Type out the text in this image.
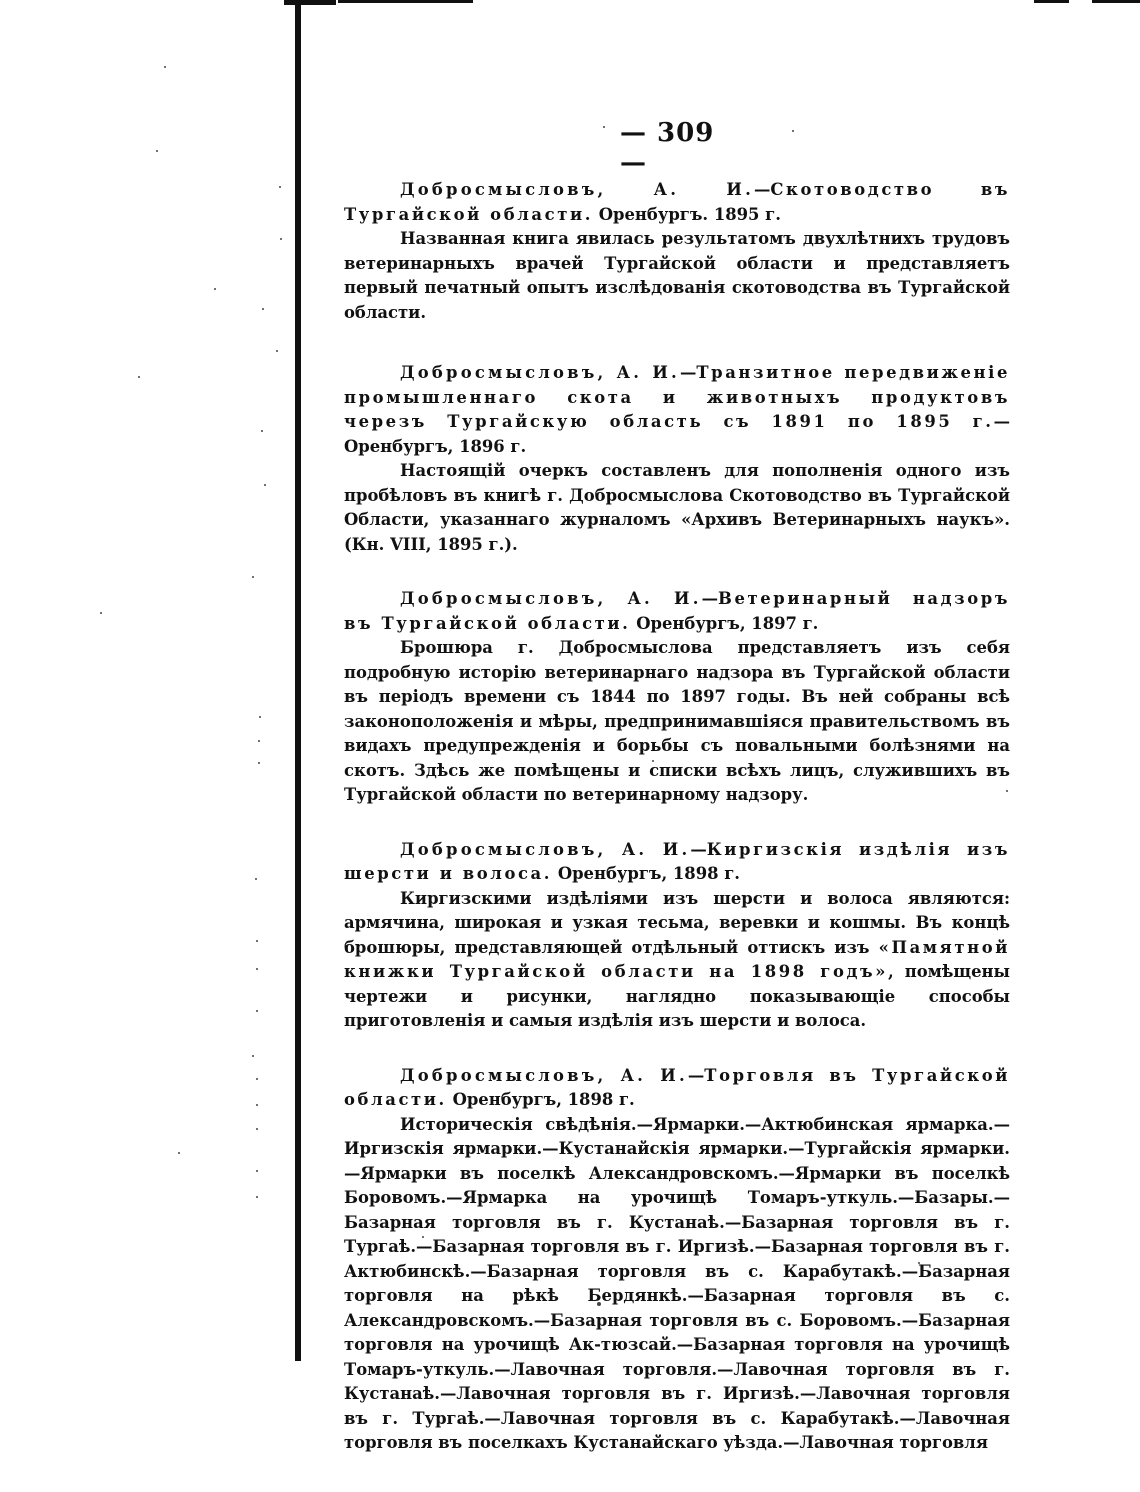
— 309 —

Добросмысловъ, А. И.—Скотоводство въ Тургайской области. Оренбургъ. 1895 г.

Названная книга явилась результатомъ двухлѣтнихъ трудовъ ветеринарныхъ врачей Тургайской области и представляетъ первый печатный опытъ изслѣдованія скотоводства въ Тургайской области.

Добросмысловъ, А. И.—Транзитное передвиженіе промышленнаго скота и животныхъ продуктовъ черезъ Тургайскую область съ 1891 по 1895 г.—Оренбургъ, 1896 г.

Настоящій очеркъ составленъ для пополненія одного изъ пробѣловъ въ книгѣ г. Добросмыслова Скотоводство въ Тургайской Области, указаннаго журналомъ «Архивъ Ветеринарныхъ наукъ». (Кн. VIII, 1895 г.).

Добросмысловъ, А. И.—Ветеринарный надзоръ въ Тургайской области. Оренбургъ, 1897 г.

Брошюра г. Добросмыслова представляетъ изъ себя подробную исторію ветеринарнаго надзора въ Тургайской области въ періодъ времени съ 1844 по 1897 годы. Въ ней собраны всѣ законоположенія и мѣры, предпринимавшіяся правительствомъ въ видахъ предупрежденія и борьбы съ повальными болѣзнями на скотъ. Здѣсь же помѣщены и списки всѣхъ лицъ, служившихъ въ Тургайской области по ветеринарному надзору.

Добросмысловъ, А. И.—Киргизскія издѣлія изъ шерсти и волоса. Оренбургъ, 1898 г.

Киргизскими издѣліями изъ шерсти и волоса являются: армячина, широкая и узкая тесьма, веревки и кошмы. Въ концѣ брошюры, представляющей отдѣльный оттискъ изъ «Памятной книжки Тургайской области на 1898 годъ», помѣщены чертежи и рисунки, наглядно показывающіе способы приготовленія и самыя издѣлія изъ шерсти и волоса.

Добросмысловъ, А. И.—Торговля въ Тургайской области. Оренбургъ, 1898 г.

Историческія свѣдѣнія.—Ярмарки.—Актюбинская ярмарка.—Иргизскія ярмарки.—Кустанайскія ярмарки.—Тургайскія ярмарки.—Ярмарки въ поселкѣ Александровскомъ.—Ярмарки въ поселкѣ Боровомъ.—Ярмарка на урочищѣ Томаръ-уткуль.—Базары.—Базарная торговля въ г. Кустанаѣ.—Базарная торговля въ г. Тургаѣ.—Базарная торговля въ г. Иргизѣ.—Базарная торговля въ г. Актюбинскѣ.—Базарная торговля въ с. Карабутакѣ.—Базарная торговля на рѣкѣ Бердянкѣ.—Базарная торговля въ с. Александровскомъ.—Базарная торговля въ с. Боровомъ.—Базарная торговля на урочищѣ Ак-тюзсай.—Базарная торговля на урочищѣ Томаръ-уткуль.—Лавочная торговля.—Лавочная торговля въ г. Кустанаѣ.—Лавочная торговля въ г. Иргизѣ.—Лавочная торговля въ г. Тургаѣ.—Лавочная торговля въ с. Карабутакѣ.—Лавочная торговля въ поселкахъ Кустанайскаго уѣзда.—Лавочная торговля
